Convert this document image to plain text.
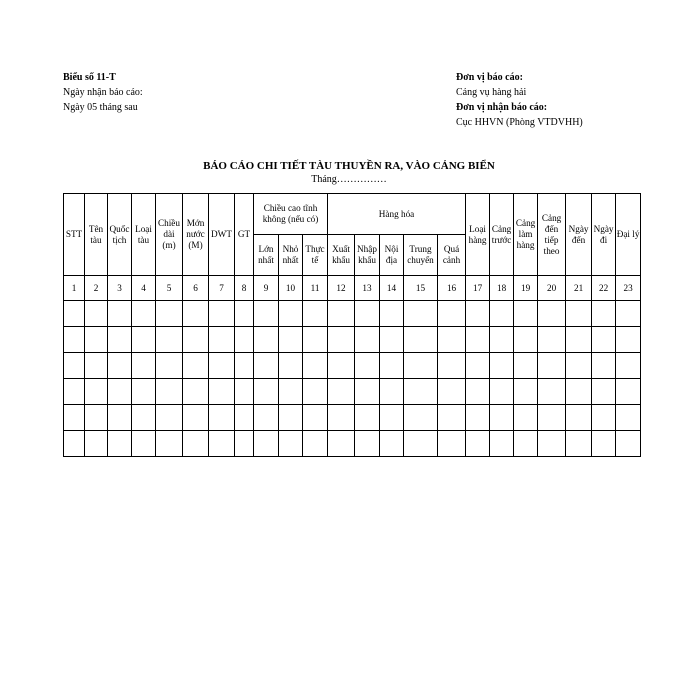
Biểu số 11-T
Ngày nhận báo cáo:
Ngày 05 tháng sau
Đơn vị báo cáo:
Cảng vụ hàng hải
Đơn vị nhận báo cáo:
Cục HHVN (Phòng VTDVHH)
BÁO CÁO CHI TIẾT TÀU THUYỀN RA, VÀO CẢNG BIỂN
Tháng……………
STT	Tên tàu	Quốc tịch	Loại tàu	Chiều dài (m)	Mớn nước (M)	DWT	GT	Chiều cao tĩnh không (nếu có)			Hàng hóa					Loại hàng	Cảng trước	Cảng làm hàng	Cảng đến tiếp theo	Ngày đến	Ngày đi	Đại lý
								Lớn nhất	Nhỏ nhất	Thực tế	Xuất khẩu	Nhập khẩu	Nội địa	Trung chuyển	Quá cảnh							
1	2	3	4	5	6	7	8	9	10	11	12	13	14	15	16	17	18	19	20	21	22	23
